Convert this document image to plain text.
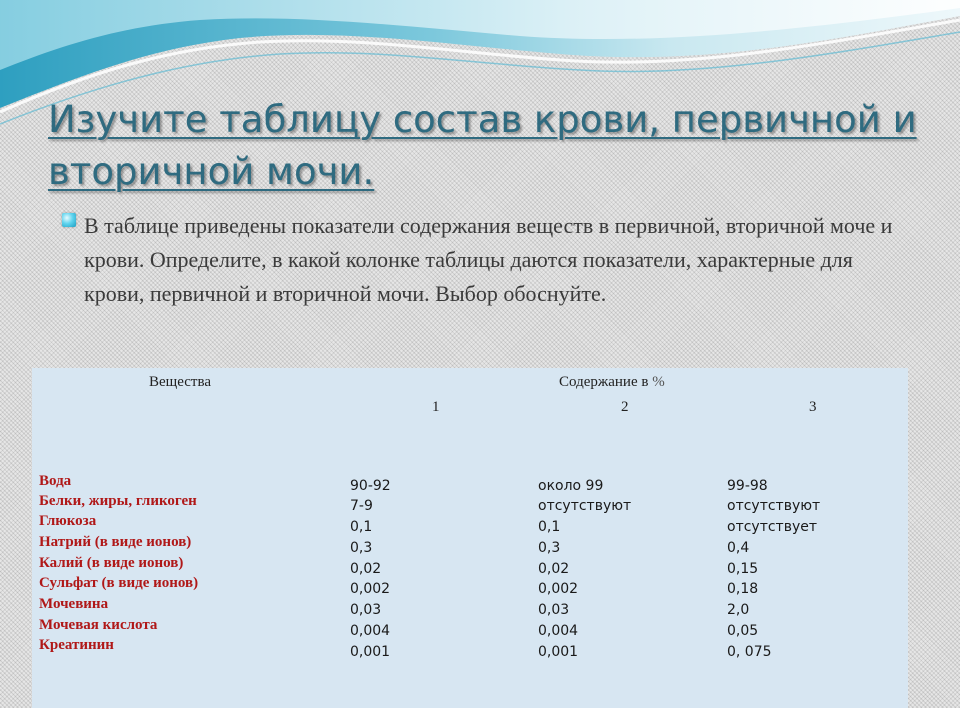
Изучите таблицу состав крови, первичной и вторичной мочи.

В таблице приведены показатели содержания веществ в первичной, вторичной моче и крови. Определите, в какой колонке таблицы даются показатели, характерные для крови, первичной и вторичной мочи. Выбор обоснуйте.

Вещества	Содержание в %
1	2	3
Вода	90-92	около 99	99-98
Белки, жиры, гликоген	7-9	отсутствуют	отсутствуют
Глюкоза	0,1	0,1	отсутствует
Натрий (в виде ионов)	0,3	0,3	0,4
Калий (в виде ионов)	0,02	0,02	0,15
Сульфат (в виде ионов)	0,002	0,002	0,18
Мочевина	0,03	0,03	2,0
Мочевая кислота	0,004	0,004	0,05
Креатинин	0,001	0,001	0, 075
